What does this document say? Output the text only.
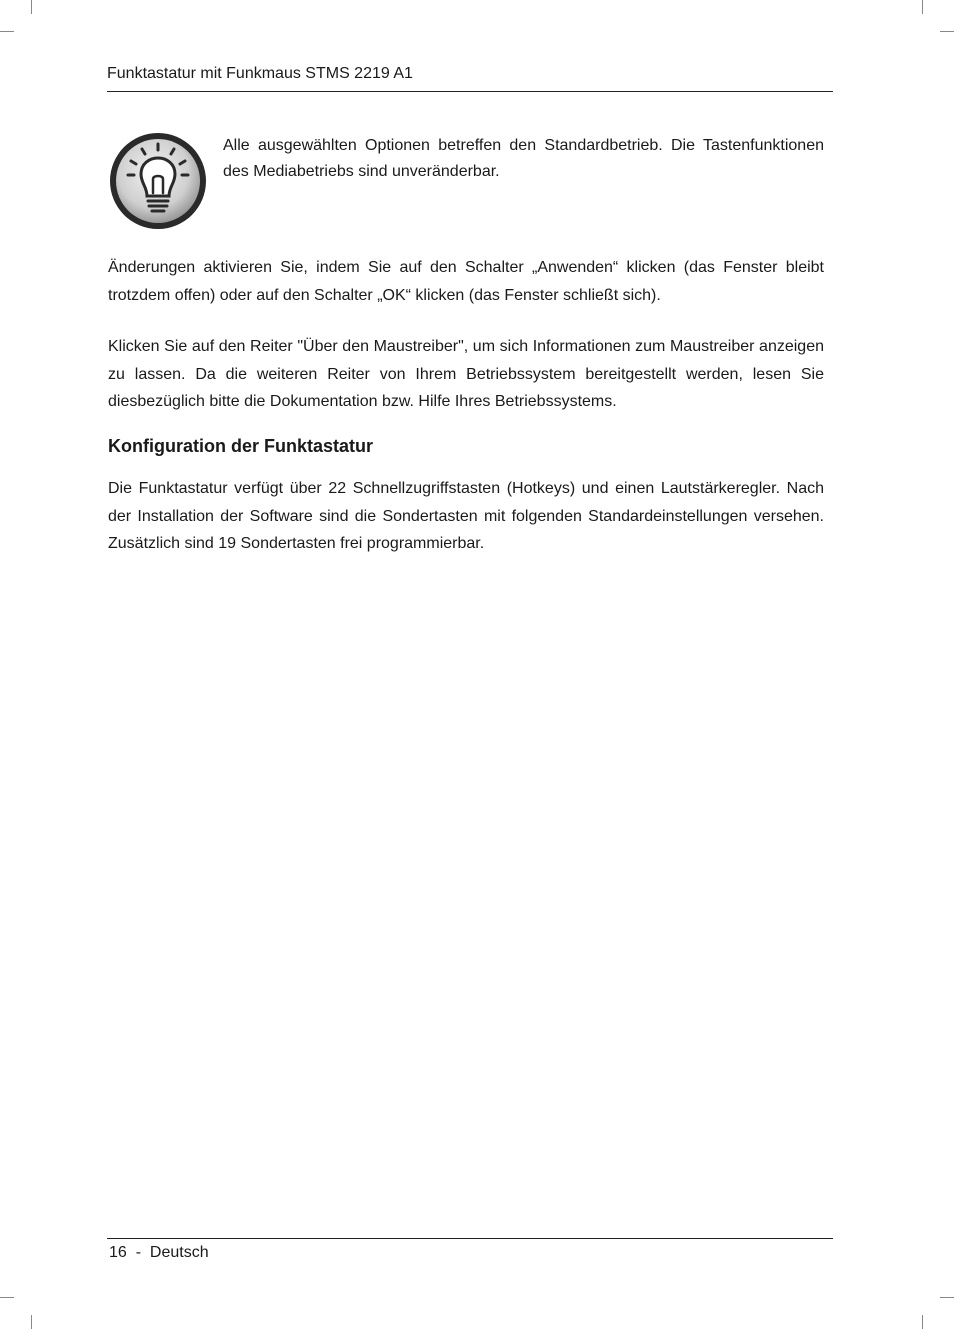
Funktastatur mit Funkmaus STMS 2219 A1
Alle ausgewählten Optionen betreffen den Standardbetrieb. Die Tastenfunktionen des Mediabetriebs sind unveränderbar.

Änderungen aktivieren Sie, indem Sie auf den Schalter „Anwenden“ klicken (das Fenster bleibt trotzdem offen) oder auf den Schalter „OK“ klicken (das Fenster schließt sich).

Klicken Sie auf den Reiter "Über den Maustreiber", um sich Informationen zum Maustreiber anzeigen zu lassen. Da die weiteren Reiter von Ihrem Betriebssystem bereitgestellt werden, lesen Sie diesbezüglich bitte die Dokumentation bzw. Hilfe Ihres Betriebssystems.

Konfiguration der Funktastatur

Die Funktastatur verfügt über 22 Schnellzugriffstasten (Hotkeys) und einen Lautstärkeregler. Nach der Installation der Software sind die Sondertasten mit folgenden Standardeinstellungen versehen. Zusätzlich sind 19 Sondertasten frei programmierbar.

16 - Deutsch
